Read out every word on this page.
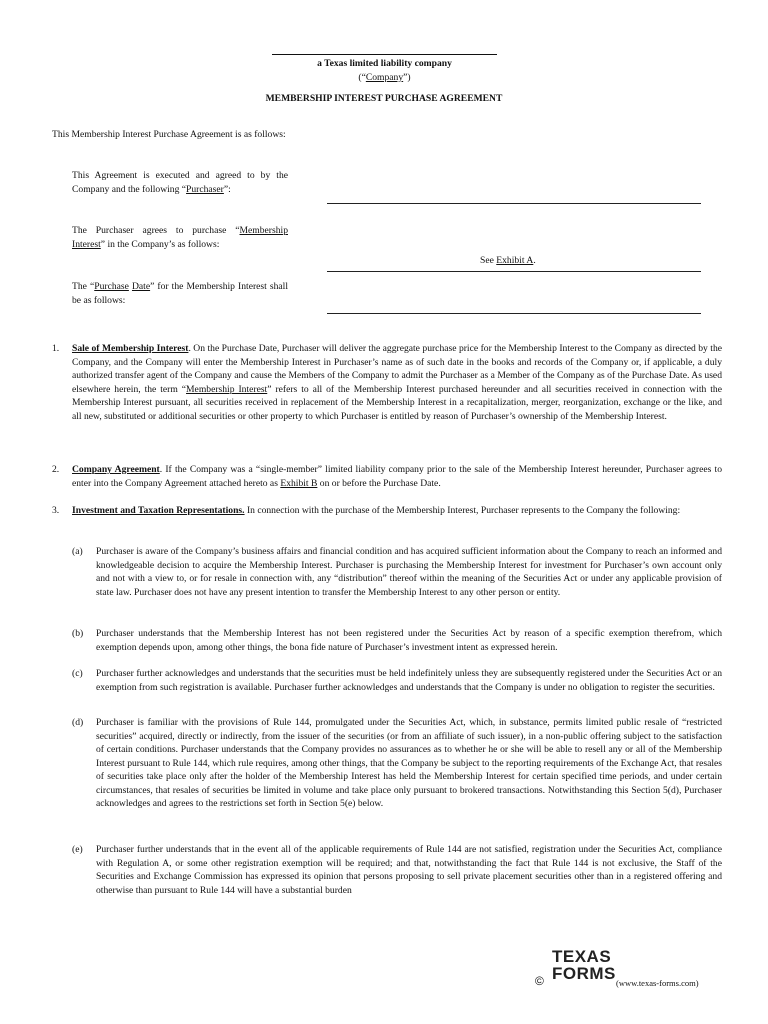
a Texas limited liability company
(“Company”)
MEMBERSHIP INTEREST PURCHASE AGREEMENT
This Membership Interest Purchase Agreement is as follows:
This Agreement is executed and agreed to by the Company and the following “Purchaser”:
The Purchaser agrees to purchase “Membership Interest” in the Company’s as follows:
See Exhibit A.
The “Purchase Date” for the Membership Interest shall be as follows:
1. Sale of Membership Interest. On the Purchase Date, Purchaser will deliver the aggregate purchase price for the Membership Interest to the Company as directed by the Company, and the Company will enter the Membership Interest in Purchaser’s name as of such date in the books and records of the Company or, if applicable, a duly authorized transfer agent of the Company and cause the Members of the Company to admit the Purchaser as a Member of the Company as of the Purchase Date. As used elsewhere herein, the term “Membership Interest” refers to all of the Membership Interest purchased hereunder and all securities received in connection with the Membership Interest pursuant, all securities received in replacement of the Membership Interest in a recapitalization, merger, reorganization, exchange or the like, and all new, substituted or additional securities or other property to which Purchaser is entitled by reason of Purchaser’s ownership of the Membership Interest.
2. Company Agreement. If the Company was a “single-member” limited liability company prior to the sale of the Membership Interest hereunder, Purchaser agrees to enter into the Company Agreement attached hereto as Exhibit B on or before the Purchase Date.
3. Investment and Taxation Representations. In connection with the purchase of the Membership Interest, Purchaser represents to the Company the following:
(a) Purchaser is aware of the Company’s business affairs and financial condition and has acquired sufficient information about the Company to reach an informed and knowledgeable decision to acquire the Membership Interest. Purchaser is purchasing the Membership Interest for investment for Purchaser’s own account only and not with a view to, or for resale in connection with, any “distribution” thereof within the meaning of the Securities Act or under any applicable provision of state law. Purchaser does not have any present intention to transfer the Membership Interest to any other person or entity.
(b) Purchaser understands that the Membership Interest has not been registered under the Securities Act by reason of a specific exemption therefrom, which exemption depends upon, among other things, the bona fide nature of Purchaser’s investment intent as expressed herein.
(c) Purchaser further acknowledges and understands that the securities must be held indefinitely unless they are subsequently registered under the Securities Act or an exemption from such registration is available. Purchaser further acknowledges and understands that the Company is under no obligation to register the securities.
(d) Purchaser is familiar with the provisions of Rule 144, promulgated under the Securities Act, which, in substance, permits limited public resale of “restricted securities” acquired, directly or indirectly, from the issuer of the securities (or from an affiliate of such issuer), in a non-public offering subject to the satisfaction of certain conditions. Purchaser understands that the Company provides no assurances as to whether he or she will be able to resell any or all of the Membership Interest pursuant to Rule 144, which rule requires, among other things, that the Company be subject to the reporting requirements of the Exchange Act, that resales of securities take place only after the holder of the Membership Interest has held the Membership Interest for certain specified time periods, and under certain circumstances, that resales of securities be limited in volume and take place only pursuant to brokered transactions. Notwithstanding this Section 5(d), Purchaser acknowledges and agrees to the restrictions set forth in Section 5(e) below.
(e) Purchaser further understands that in the event all of the applicable requirements of Rule 144 are not satisfied, registration under the Securities Act, compliance with Regulation A, or some other registration exemption will be required; and that, notwithstanding the fact that Rule 144 is not exclusive, the Staff of the Securities and Exchange Commission has expressed its opinion that persons proposing to sell private placement securities other than in a registered offering and otherwise than pursuant to Rule 144 will have a substantial burden
TEXAS
FORMS
©	(www.texas-forms.com)
